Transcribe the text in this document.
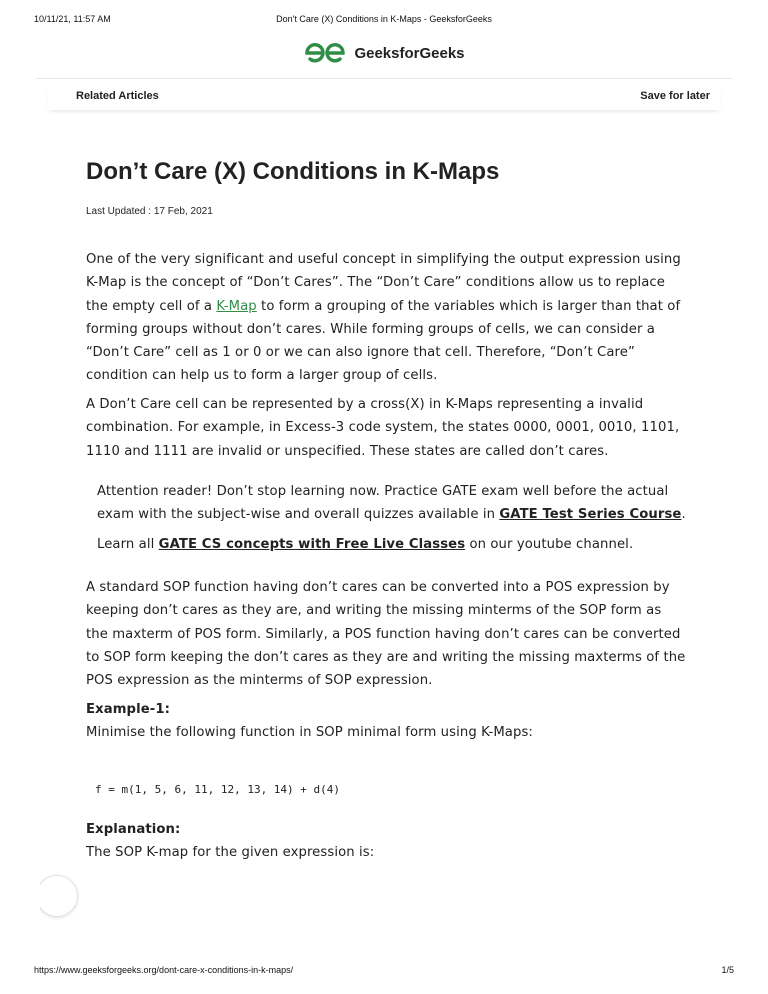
10/11/21, 11:57 AM	Don't Care (X) Conditions in K-Maps - GeeksforGeeks
GeeksforGeeks
Related Articles	Save for later
Don’t Care (X) Conditions in K-Maps
Last Updated : 17 Feb, 2021

One of the very significant and useful concept in simplifying the output expression using K-Map is the concept of “Don’t Cares”. The “Don’t Care” conditions allow us to replace the empty cell of a K-Map to form a grouping of the variables which is larger than that of forming groups without don’t cares. While forming groups of cells, we can consider a “Don’t Care” cell as 1 or 0 or we can also ignore that cell. Therefore, “Don’t Care” condition can help us to form a larger group of cells.

A Don’t Care cell can be represented by a cross(X) in K-Maps representing a invalid combination. For example, in Excess-3 code system, the states 0000, 0001, 0010, 1101, 1110 and 1111 are invalid or unspecified. These states are called don’t cares.

Attention reader! Don’t stop learning now. Practice GATE exam well before the actual exam with the subject-wise and overall quizzes available in GATE Test Series Course.

Learn all GATE CS concepts with Free Live Classes on our youtube channel.

A standard SOP function having don’t cares can be converted into a POS expression by keeping don’t cares as they are, and writing the missing minterms of the SOP form as the maxterm of POS form. Similarly, a POS function having don’t cares can be converted to SOP form keeping the don’t cares as they are and writing the missing maxterms of the POS expression as the minterms of SOP expression.

Example-1:
Minimise the following function in SOP minimal form using K-Maps:

f = m(1, 5, 6, 11, 12, 13, 14) + d(4)

Explanation:
The SOP K-map for the given expression is:

https://www.geeksforgeeks.org/dont-care-x-conditions-in-k-maps/	1/5
